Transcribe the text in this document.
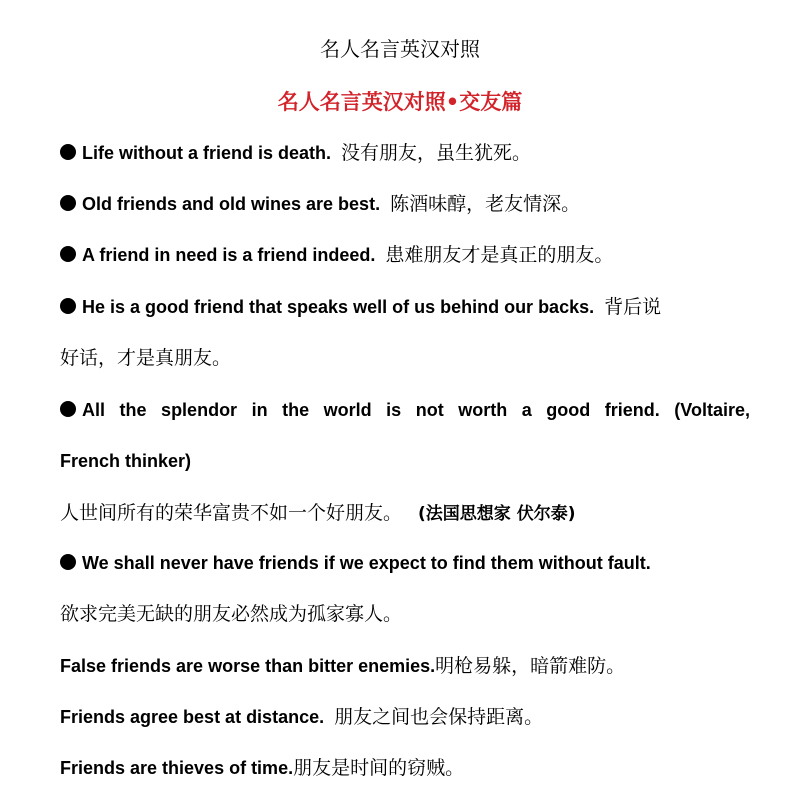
名人名言英汉对照
名人名言英汉对照•交友篇
Life without a friend is death. 没有朋友，虽生犹死。
Old friends and old wines are best. 陈酒味醇，老友情深。
A friend in need is a friend indeed. 患难朋友才是真正的朋友。
He is a good friend that speaks well of us behind our backs. 背后说
好话，才是真朋友。
All the splendor in the world is not worth a good friend. (Voltaire,
French thinker)
人世间所有的荣华富贵不如一个好朋友。 (法国思想家 伏尔泰)
We shall never have friends if we expect to find them without fault.
欲求完美无缺的朋友必然成为孤家寡人。
False friends are worse than bitter enemies.明枪易躲，暗箭难防。
Friends agree best at distance. 朋友之间也会保持距离。
Friends are thieves of time.朋友是时间的窃贼。
